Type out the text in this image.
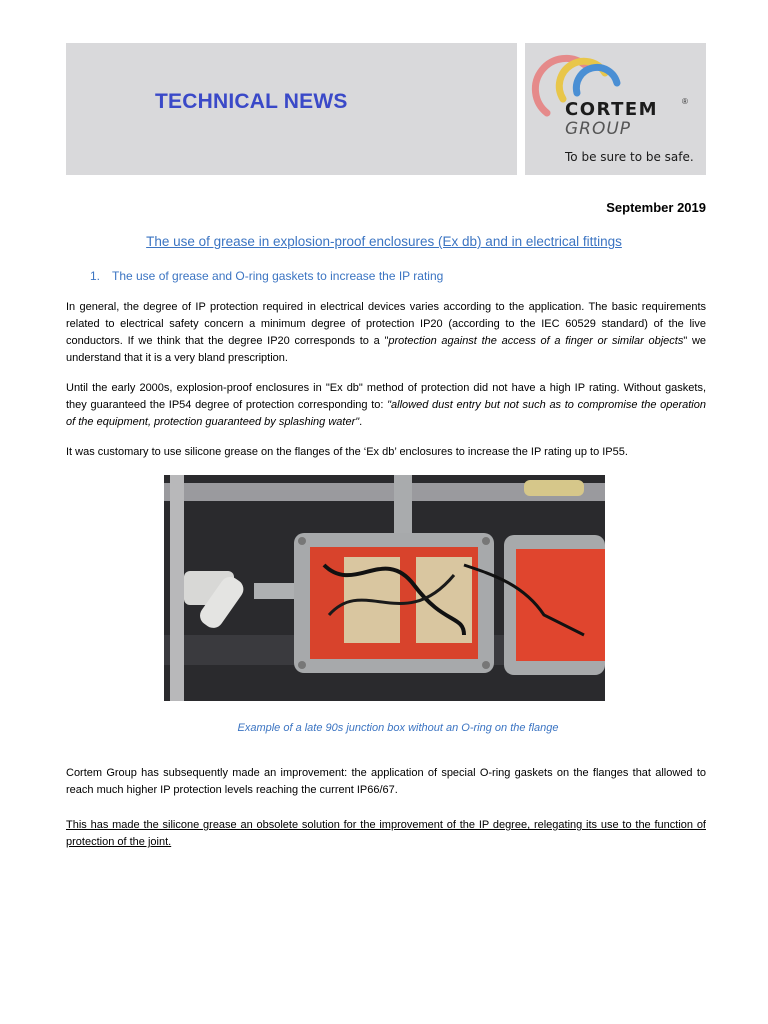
TECHNICAL NEWS	CORTEM	®
GROUP
To be sure to be safe.
September 2019
The use of grease in explosion-proof enclosures (Ex db) and in electrical fittings
1. The use of grease and O-ring gaskets to increase the IP rating
In general, the degree of IP protection required in electrical devices varies according to the application. The basic requirements related to electrical safety concern a minimum degree of protection IP20 (according to the IEC 60529 standard) of the live conductors. If we think that the degree IP20 corresponds to a "protection against the access of a finger or similar objects" we understand that it is a very bland prescription.
Until the early 2000s, explosion-proof enclosures in "Ex db" method of protection did not have a high IP rating. Without gaskets, they guaranteed the IP54 degree of protection corresponding to: "allowed dust entry but not such as to compromise the operation of the equipment, protection guaranteed by splashing water".
It was customary to use silicone grease on the flanges of the ‘Ex db’ enclosures to increase the IP rating up to IP55.
Example of a late 90s junction box without an O-ring on the flange
Cortem Group has subsequently made an improvement: the application of special O-ring gaskets on the flanges that allowed to reach much higher IP protection levels reaching the current IP66/67.
This has made the silicone grease an obsolete solution for the improvement of the IP degree, relegating its use to the function of protection of the joint.
